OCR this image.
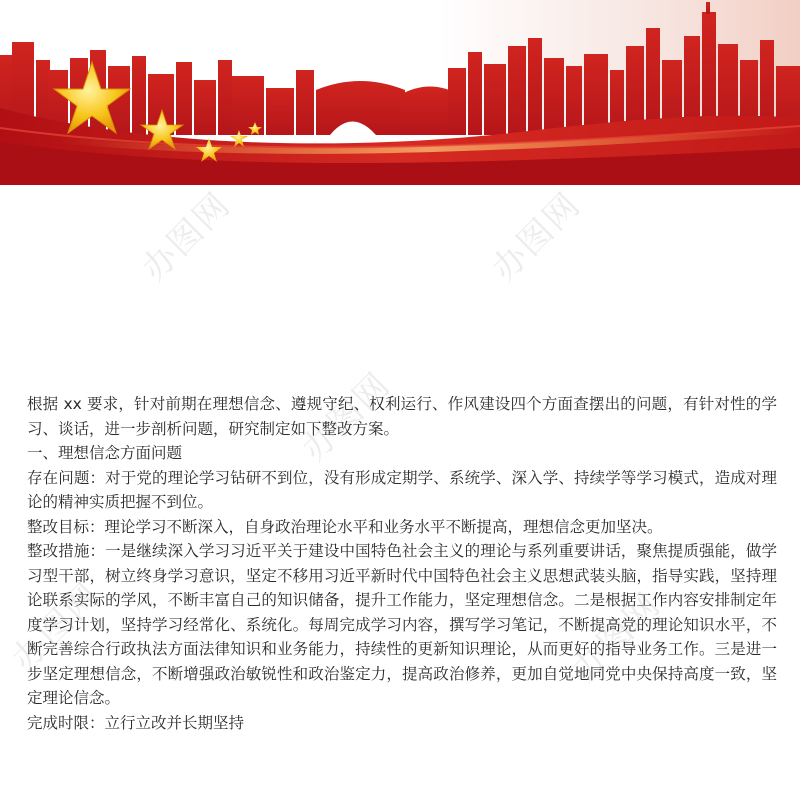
办图网	办图网
办图网
办图网	办图网

根据 xx 要求，针对前期在理想信念、遵规守纪、权利运行、作风建设四个方面查摆出的问题，有针对性的学习、谈话，进一步剖析问题，研究制定如下整改方案。

一、理想信念方面问题

存在问题：对于党的理论学习钻研不到位，没有形成定期学、系统学、深入学、持续学等学习模式，造成对理论的精神实质把握不到位。

整改目标：理论学习不断深入，自身政治理论水平和业务水平不断提高，理想信念更加坚决。

整改措施：一是继续深入学习习近平关于建设中国特色社会主义的理论与系列重要讲话，聚焦提质强能，做学习型干部，树立终身学习意识，坚定不移用习近平新时代中国特色社会主义思想武装头脑，指导实践，坚持理论联系实际的学风，不断丰富自己的知识储备，提升工作能力，坚定理想信念。二是根据工作内容安排制定年度学习计划，坚持学习经常化、系统化。每周完成学习内容，撰写学习笔记，不断提高党的理论知识水平，不断完善综合行政执法方面法律知识和业务能力，持续性的更新知识理论，从而更好的指导业务工作。三是进一步坚定理想信念，不断增强政治敏锐性和政治鉴定力，提高政治修养，更加自觉地同党中央保持高度一致，坚定理论信念。

完成时限：立行立改并长期坚持
